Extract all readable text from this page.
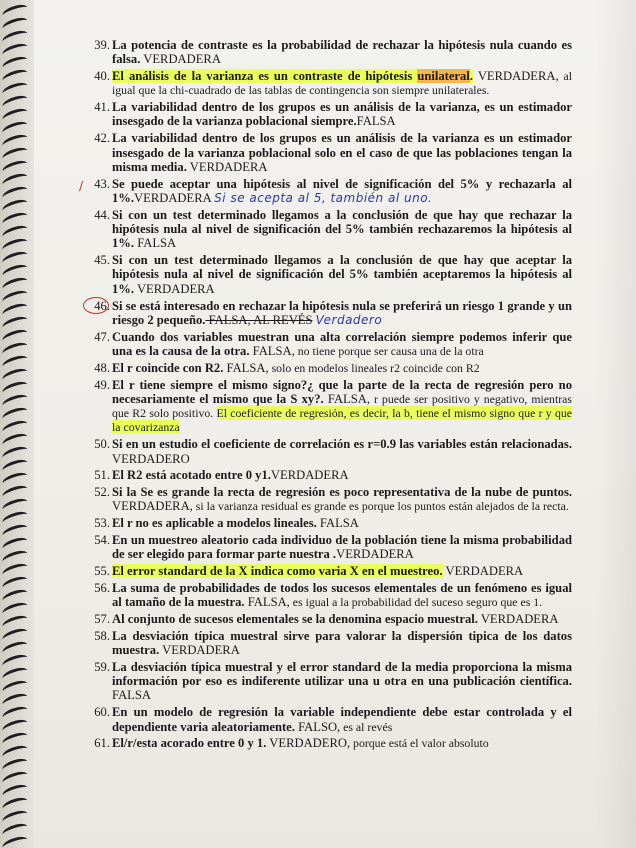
39. La potencia de contraste es la probabilidad de rechazar la hipótesis nula cuando es falsa. VERDADERA
40. El análisis de la varianza es un contraste de hipótesis unilateral. VERDADERA, al igual que la chi-cuadrado de las tablas de contingencia son siempre unilaterales.
41. La variabilidad dentro de los grupos es un análisis de la varianza, es un estimador insesgado de la varianza poblacional siempre.FALSA
42. La variabilidad dentro de los grupos es un análisis de la varianza es un estimador insesgado de la varianza poblacional solo en el caso de que las poblaciones tengan la misma media. VERDADERA
/ 43. Se puede aceptar una hipótesis al nivel de significación del 5% y rechazarla al 1%.VERDADERA Si se acepta al 5, también al uno.
44. Si con un test determinado llegamos a la conclusión de que hay que rechazar la hipótesis nula al nivel de significación del 5% también rechazaremos la hipótesis al 1%. FALSA
45. Si con un test determinado llegamos a la conclusión de que hay que aceptar la hipótesis nula al nivel de significación del 5% también aceptaremos la hipótesis al 1%. VERDADERA
46. Si se está interesado en rechazar la hipótesis nula se preferirá un riesgo 1 grande y un riesgo 2 pequeño. FALSA, AL REVÉS Verdadero
47. Cuando dos variables muestran una alta correlación siempre podemos inferir que una es la causa de la otra. FALSA, no tiene porque ser causa una de la otra
48. El r coincide con R2. FALSA, solo en modelos lineales r2 coincide con R2
49. El r tiene siempre el mismo signo?¿ que la parte de la recta de regresión pero no necesariamente el mismo que la S xy?. FALSA, r puede ser positivo y negativo, mientras que R2 solo positivo. El coeficiente de regresión, es decir, la b, tiene el mismo signo que r y que la covarizanza
50. Si en un estudio el coeficiente de correlación es r=0.9 las variables están relacionadas. VERDADERO
51. El R2 está acotado entre 0 y1.VERDADERA
52. Si la Se es grande la recta de regresión es poco representativa de la nube de puntos. VERDADERA, si la varianza residual es grande es porque los puntos están alejados de la recta.
53. El r no es aplicable a modelos lineales. FALSA
54. En un muestreo aleatorio cada individuo de la población tiene la misma probabilidad de ser elegido para formar parte nuestra .VERDADERA
55. El error standard de la X indica como varia X en el muestreo. VERDADERA
56. La suma de probabilidades de todos los sucesos elementales de un fenómeno es igual al tamaño de la muestra. FALSA, es igual a la probabilidad del suceso seguro que es 1.
57. Al conjunto de sucesos elementales se la denomina espacio muestral. VERDADERA
58. La desviación típica muestral sirve para valorar la dispersión tipica de los datos muestra. VERDADERA
59. La desviación típica muestral y el error standard de la media proporciona la misma información por eso es indiferente utilizar una u otra en una publicación científica. FALSA
60. En un modelo de regresión la variable independiente debe estar controlada y el dependiente varia aleatoriamente. FALSO, es al revés
61. El/r/esta acorado entre 0 y 1. VERDADERO, porque está el valor absoluto
